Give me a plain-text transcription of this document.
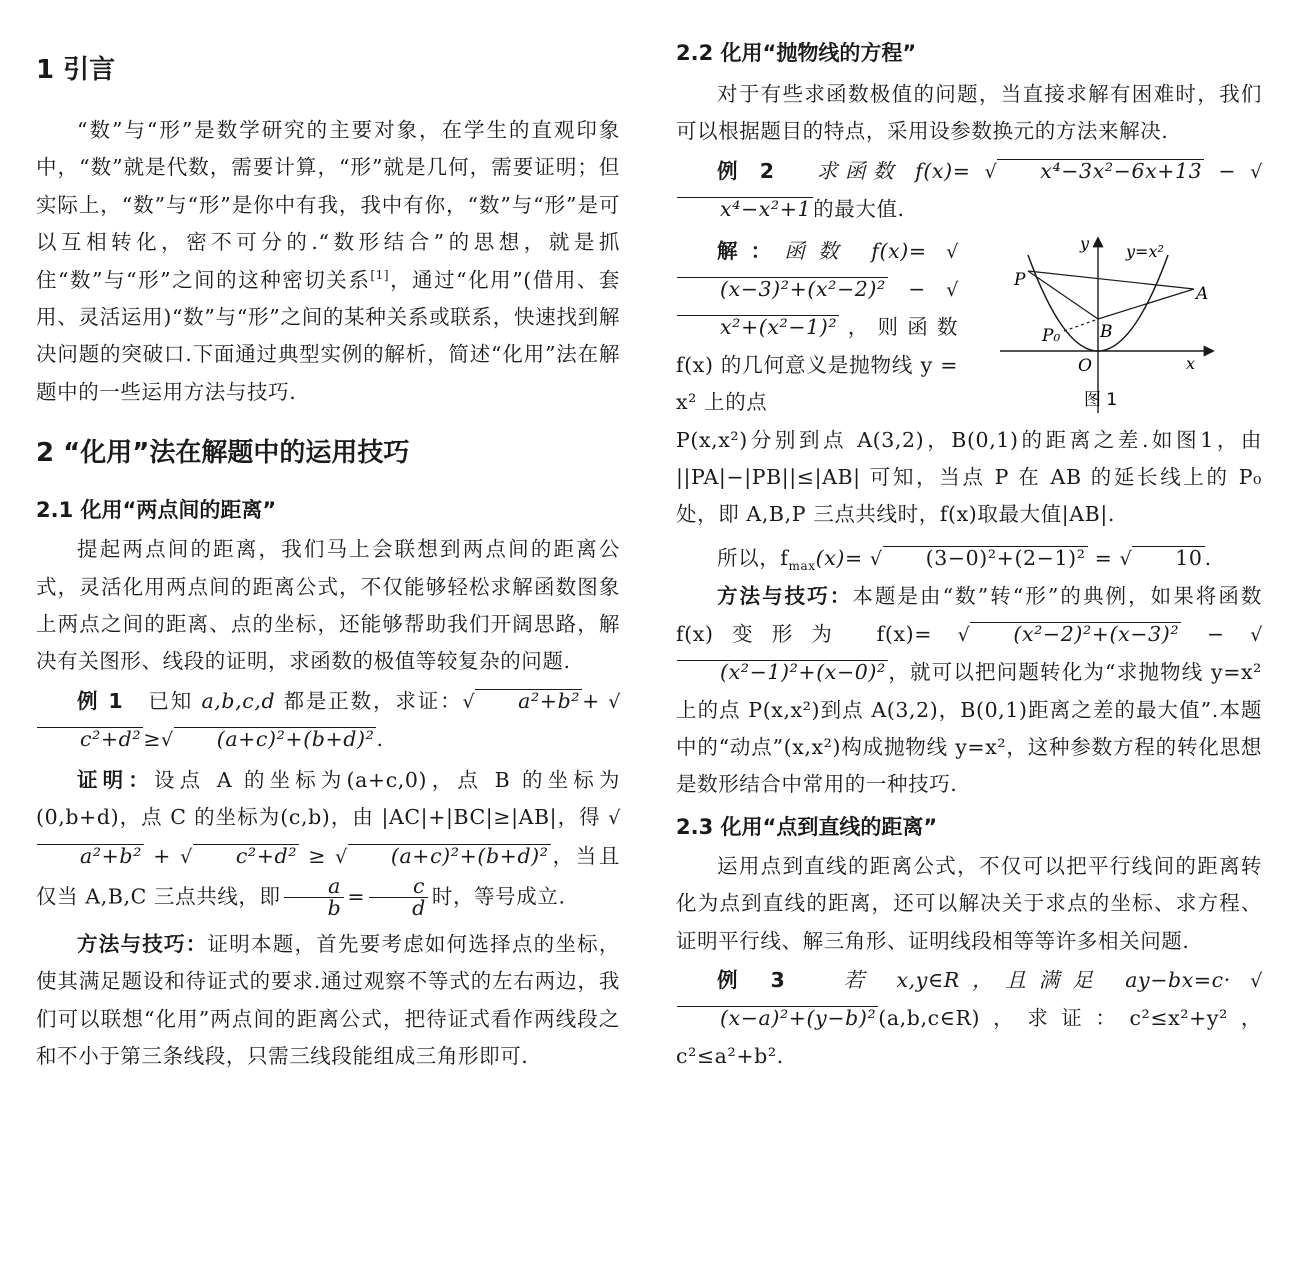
1 引言

“数”与“形”是数学研究的主要对象，在学生的直观印象中，“数”就是代数，需要计算，“形”就是几何，需要证明；但实际上，“数”与“形”是你中有我，我中有你，“数”与“形”是可以互相转化，密不可分的.“数形结合”的思想，就是抓住“数”与“形”之间的这种密切关系[1]，通过“化用”(借用、套用、灵活运用)“数”与“形”之间的某种关系或联系，快速找到解决问题的突破口.下面通过典型实例的解析，简述“化用”法在解题中的一些运用方法与技巧.

2 “化用”法在解题中的运用技巧
2.1 化用“两点间的距离”

提起两点间的距离，我们马上会联想到两点间的距离公式，灵活化用两点间的距离公式，不仅能够轻松求解函数图象上两点之间的距离、点的坐标，还能够帮助我们开阔思路，解决有关图形、线段的证明，求函数的极值等较复杂的问题.

例 1 已知 a,b,c,d 都是正数，求证：√ a²+b²+ √c²+d²≥√ (a+c)²+(b+d)².

证明：设点 A 的坐标为(a+c,0)，点 B 的坐标为(0,b+d)，点 C 的坐标为(c,b)，由 |AC|+|BC|≥|AB|，得 √a²+b² + √ c²+d² ≥ √ (a+c)²+(b+d)²，当且仅当 A,B,C 三点共线，即 $\frac{a}{b} = \frac{c}{d}$ 时，等号成立.

方法与技巧：证明本题，首先要考虑如何选择点的坐标，使其满足题设和待证式的要求.通过观察不等式的左右两边，我们可以联想“化用”两点间的距离公式，把待证式看作两线段之和不小于第三条线段，只需三线段能组成三角形即可.

2.2 化用“抛物线的方程”

对于有些求函数极值的问题，当直接求解有困难时，我们可以根据题目的特点，采用设参数换元的方法来解决.

例 2 求函数 f(x)= √ x⁴−3x²−6x+13 − √x⁴−x²+1的最大值.

解：函数 f(x)= √(x−3)²+(x²−2)² − √x²+(x²−1)²，则函数 f(x) 的几何意义是抛物线 y = x² 上的点

y y=x²
P
A
P₀ B
O	x
图 1

P(x,x²)分别到点 A(3,2)，B(0,1)的距离之差.如图1，由 ||PA|−|PB||≤|AB| 可知，当点 P 在 AB 的延长线上的 P₀ 处，即 A,B,P 三点共线时，f(x)取最大值|AB|.

所以，$f_{max}(x)=$ √ (3−0)²+(2−1)² = √ 10.

方法与技巧：本题是由“数”转“形”的典例，如果将函数 f(x)变形为 f(x)= √ (x²−2)²+(x−3)² − √(x²−1)²+(x−0)²，就可以把问题转化为“求抛物线 y=x² 上的点 P(x,x²)到点 A(3,2)，B(0,1)距离之差的最大值”.本题中的“动点”(x,x²)构成抛物线 y=x²，这种参数方程的转化思想是数形结合中常用的一种技巧.

2.3 化用“点到直线的距离”

运用点到直线的距离公式，不仅可以把平行线间的距离转化为点到直线的距离，还可以解决关于求点的坐标、求方程、证明平行线、解三角形、证明线段相等等许多相关问题.

例 3	若 x,y∈R，且满足 ay−bx=c· √(x−a)²+(y−b)²(a,b,c∈R)，求证：c²≤x²+y²，c²≤a²+b².
